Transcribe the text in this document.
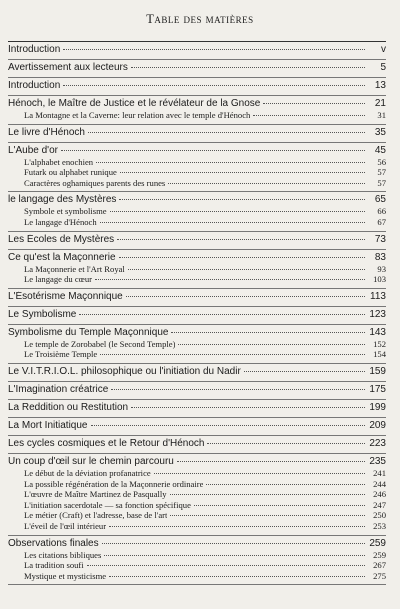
Table des matières
Introduction	v
Avertissement aux lecteurs	5
Introduction	13
Hénoch, le Maître de Justice et le révélateur de la Gnose	21
La Montagne et la Caverne: leur relation avec le temple d'Hénoch	31
Le livre d'Hénoch	35
L'Aube d'or	45
L'alphabet enochien	56
Futark ou alphabet runique	57
Caractères oghamiques parents des runes	57
le langage des Mystères	65
Symbole et symbolisme	66
Le langage d'Hénoch	67
Les Écoles de Mystères	73
Ce qu'est la Maçonnerie	83
La Maçonnerie et l'Art Royal	93
Le langage du cœur	103
L'Ésotérisme Maçonnique	113
Le Symbolisme	123
Symbolisme du Temple Maçonnique	143
Le temple de Zorobabel (le Second Temple)	152
Le Troisième Temple	154
Le V.I.T.R.I.O.L. philosophique ou l'initiation du Nadir	159
L'Imagination créatrice	175
La Reddition ou Restitution	199
La Mort Initiatique	209
Les cycles cosmiques et le Retour d'Hénoch	223
Un coup d'œil sur le chemin parcouru	235
Le début de la déviation profanatrice	241
La possible régénération de la Maçonnerie ordinaire	244
L'œuvre de Maître Martinez de Pasqually	246
L'initiation sacerdotale — sa fonction spécifique	247
Le métier (Craft) et l'adresse, base de l'art	250
L'éveil de l'œil intérieur	253
Observations finales	259
Les citations bibliques	259
La tradition soufi	267
Mystique et mysticisme	275
